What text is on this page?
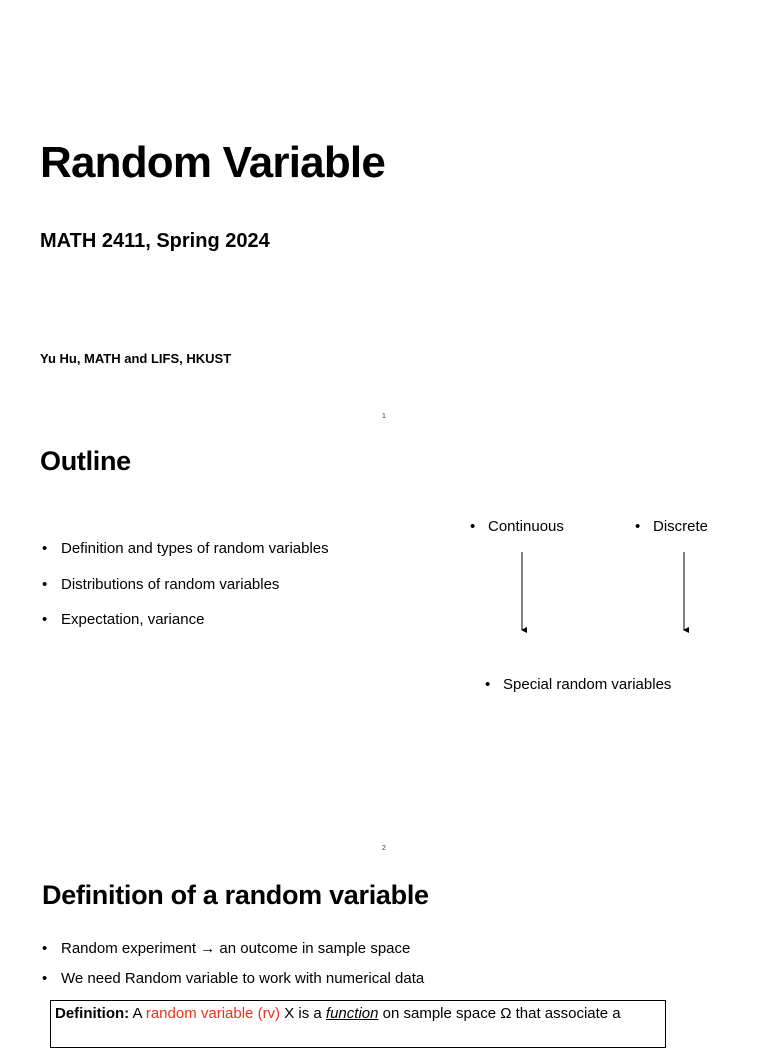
Random Variable
MATH 2411, Spring 2024

Yu Hu, MATH and LIFS, HKUST

1
Outline
• Definition and types of random variables
• Distributions of random variables
• Expectation, variance
• Continuous
•	Discrete
• Special random variables
2
Definition of a random variable
• Random experiment → an outcome in sample space
• We need Random variable to work with numerical data
Definition: A random variable (rv) X is a function on sample space Ω that associate a
